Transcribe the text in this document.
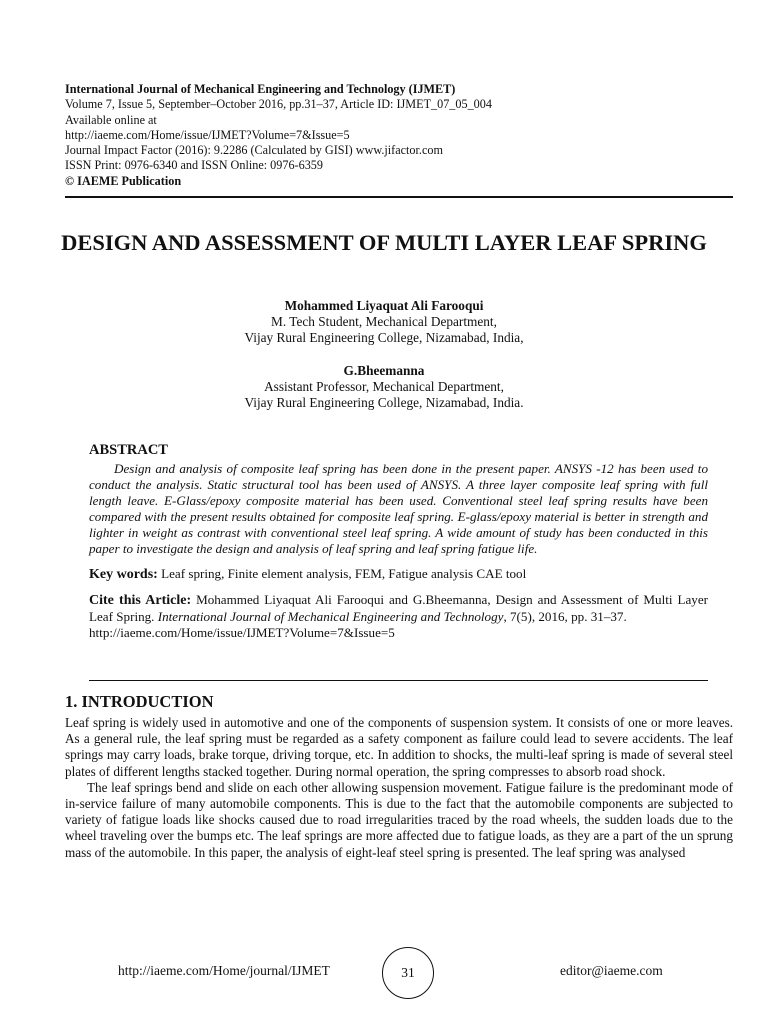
International Journal of Mechanical Engineering and Technology (IJMET)
Volume 7, Issue 5, September–October 2016, pp.31–37, Article ID: IJMET_07_05_004
Available online at
http://iaeme.com/Home/issue/IJMET?Volume=7&Issue=5
Journal Impact Factor (2016): 9.2286 (Calculated by GISI) www.jifactor.com
ISSN Print: 0976-6340 and ISSN Online: 0976-6359
© IAEME Publication
DESIGN AND ASSESSMENT OF MULTI LAYER LEAF SPRING
Mohammed Liyaquat Ali Farooqui
M. Tech Student, Mechanical Department,
Vijay Rural Engineering College, Nizamabad, India,
G.Bheemanna
Assistant Professor, Mechanical Department,
Vijay Rural Engineering College, Nizamabad, India.
ABSTRACT
Design and analysis of composite leaf spring has been done in the present paper. ANSYS -12 has been used to conduct the analysis. Static structural tool has been used of ANSYS. A three layer composite leaf spring with full length leave. E-Glass/epoxy composite material has been used. Conventional steel leaf spring results have been compared with the present results obtained for composite leaf spring. E-glass/epoxy material is better in strength and lighter in weight as contrast with conventional steel leaf spring. A wide amount of study has been conducted in this paper to investigate the design and analysis of leaf spring and leaf spring fatigue life.
Key words: Leaf spring, Finite element analysis, FEM, Fatigue analysis CAE tool
Cite this Article: Mohammed Liyaquat Ali Farooqui and G.Bheemanna, Design and Assessment of Multi Layer Leaf Spring. International Journal of Mechanical Engineering and Technology, 7(5), 2016, pp. 31–37.
http://iaeme.com/Home/issue/IJMET?Volume=7&Issue=5
1. INTRODUCTION

Leaf spring is widely used in automotive and one of the components of suspension system. It consists of one or more leaves. As a general rule, the leaf spring must be regarded as a safety component as failure could lead to severe accidents. The leaf springs may carry loads, brake torque, driving torque, etc. In addition to shocks, the multi-leaf spring is made of several steel plates of different lengths stacked together. During normal operation, the spring compresses to absorb road shock.

The leaf springs bend and slide on each other allowing suspension movement. Fatigue failure is the predominant mode of in-service failure of many automobile components. This is due to the fact that the automobile components are subjected to variety of fatigue loads like shocks caused due to road irregularities traced by the road wheels, the sudden loads due to the wheel traveling over the bumps etc. The leaf springs are more affected due to fatigue loads, as they are a part of the un sprung mass of the automobile. In this paper, the analysis of eight-leaf steel spring is presented. The leaf spring was analysed

http://iaeme.com/Home/journal/IJMET	31	editor@iaeme.com
